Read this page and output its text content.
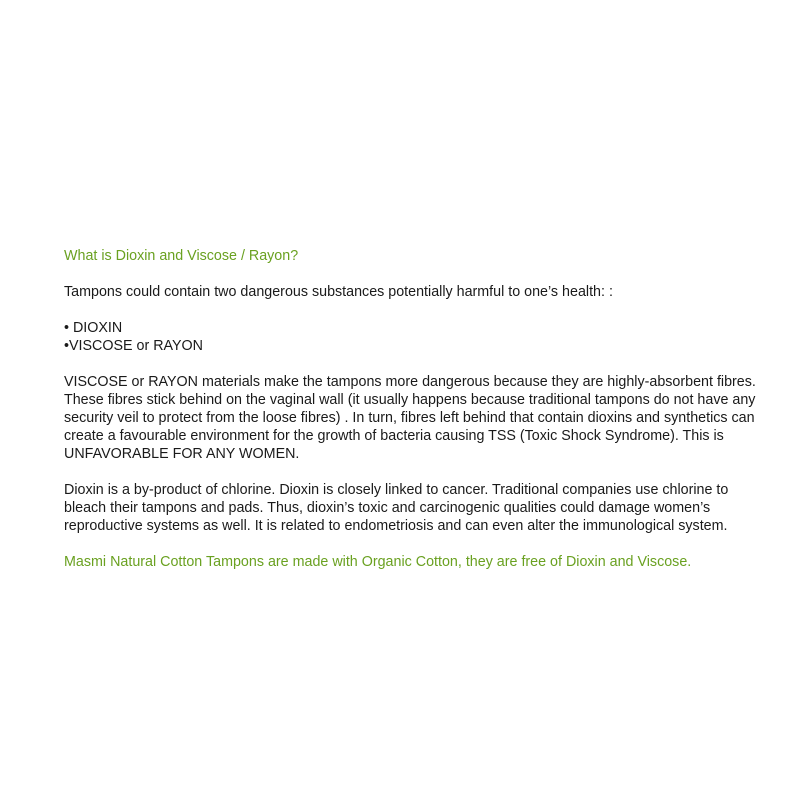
What is Dioxin and Viscose / Rayon?

Tampons could contain two dangerous substances potentially harmful to one’s health: :

• DIOXIN
•VISCOSE or RAYON

VISCOSE or RAYON materials make the tampons more dangerous because they are highly-absorbent fibres. These fibres stick behind on the vaginal wall (it usually happens because traditional tampons do not have any security veil to protect from the loose fibres) . In turn, fibres left behind that contain dioxins and synthetics can create a favourable environment for the growth of bacteria causing TSS (Toxic Shock Syndrome). This is UNFAVORABLE FOR ANY WOMEN.

Dioxin is a by-product of chlorine. Dioxin is closely linked to cancer. Traditional companies use chlorine to bleach their tampons and pads. Thus, dioxin’s toxic and carcinogenic qualities could damage women’s reproductive systems as well. It is related to endometriosis and can even alter the immunological system.

Masmi Natural Cotton Tampons are made with Organic Cotton, they are free of Dioxin and Viscose.
